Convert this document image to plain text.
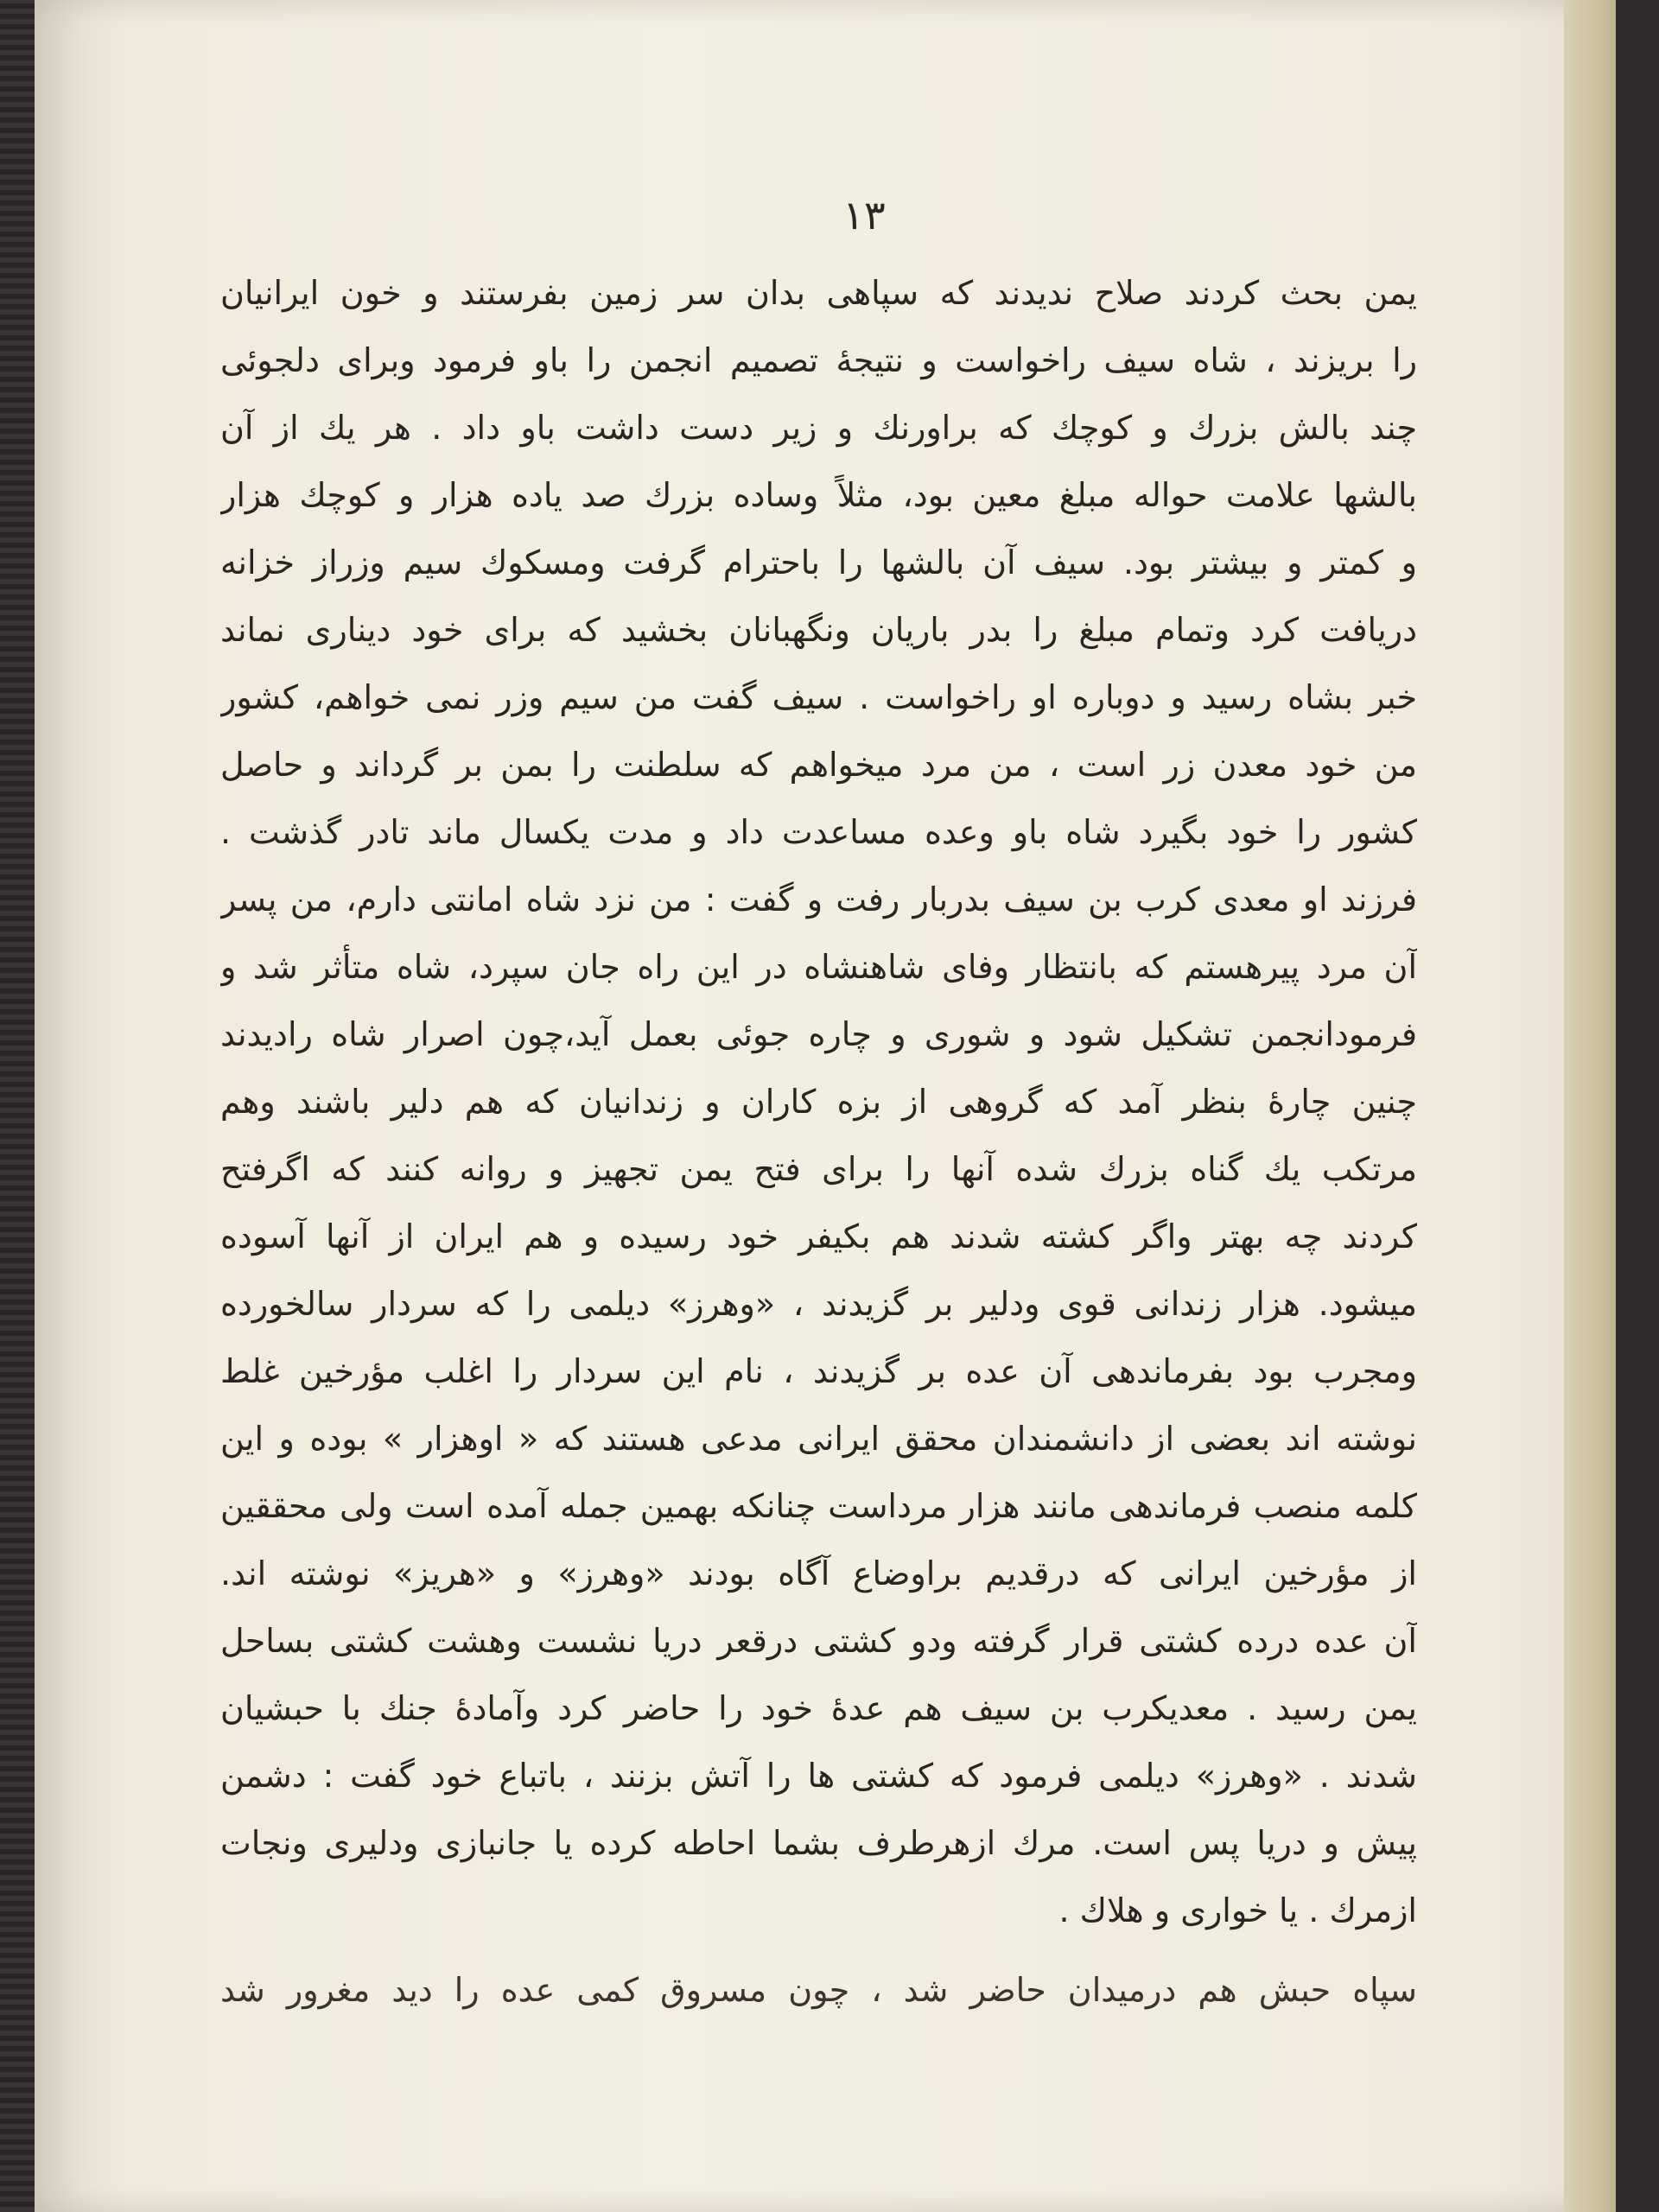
۱۳
یمن بحث کردند صلاح ندیدند که سپاهی بدان سر زمین بفرستند و خون ایرانیان
را بریزند ، شاه سیف راخواست و نتیجهٔ تصمیم انجمن را باو فرمود وبرای دلجوئی
چند بالش بزرك و کوچك که براورنك و زیر دست داشت باو داد . هر یك از آن
بالشها علامت حواله مبلغ معین بود، مثلاً وساده بزرك صد یاده هزار و کوچك هزار
و کمتر و بیشتر بود. سیف آن بالشها را باحترام گرفت ومسکوك سیم وزراز خزانه
دریافت کرد وتمام مبلغ را بدر باریان ونگهبانان بخشید که برای خود دیناری نماند
خبر بشاه رسید و دوباره او راخواست . سیف گفت من سیم وزر نمی خواهم، کشور
من خود معدن زر است ، من مرد میخواهم که سلطنت را بمن بر گرداند و حاصل
کشور را خود بگیرد شاه باو وعده مساعدت داد و مدت یکسال ماند تادر گذشت .
فرزند او معدی کرب بن سیف بدربار رفت و گفت : من نزد شاه امانتی دارم، من پسر
آن مرد پیرهستم که بانتظار وفای شاهنشاه در این راه جان سپرد، شاه متأثر شد و
فرمودانجمن تشکیل شود و شوری و چاره جوئی بعمل آید،چون اصرار شاه رادیدند
چنین چارهٔ بنظر آمد که گروهی از بزه کاران و زندانیان که هم دلیر باشند وهم
مرتکب یك گناه بزرك شده آنها را برای فتح یمن تجهیز و روانه کنند که اگرفتح
کردند چه بهتر واگر کشته شدند هم بکیفر خود رسیده و هم ایران از آنها آسوده
میشود. هزار زندانی قوی ودلیر بر گزیدند ، «وهرز» دیلمی را که سردار سالخورده
ومجرب بود بفرماندهی آن عده بر گزیدند ، نام این سردار را اغلب مؤرخین غلط
نوشته اند بعضی از دانشمندان محقق ایرانی مدعی هستند که « اوهزار » بوده و این
کلمه منصب فرماندهی مانند هزار مرداست چنانکه بهمین جمله آمده است ولی محققین
از مؤرخین ایرانی که درقدیم براوضاع آگاه بودند «وهرز» و «هریز» نوشته اند.
آن عده درده کشتی قرار گرفته ودو کشتی درقعر دریا نشست وهشت کشتی بساحل
یمن رسید . معدیکرب بن سیف هم عدهٔ خود را حاضر کرد وآمادهٔ جنك با حبشیان
شدند . «وهرز» دیلمی فرمود که کشتی ها را آتش بزنند ، باتباع خود گفت : دشمن
پیش و دریا پس است. مرك ازهرطرف بشما احاطه کرده یا جانبازی ودلیری ونجات
ازمرك . یا خواری و هلاك .
سپاه حبش هم درمیدان حاضر شد ، چون مسروق کمی عده را دید مغرور شد
